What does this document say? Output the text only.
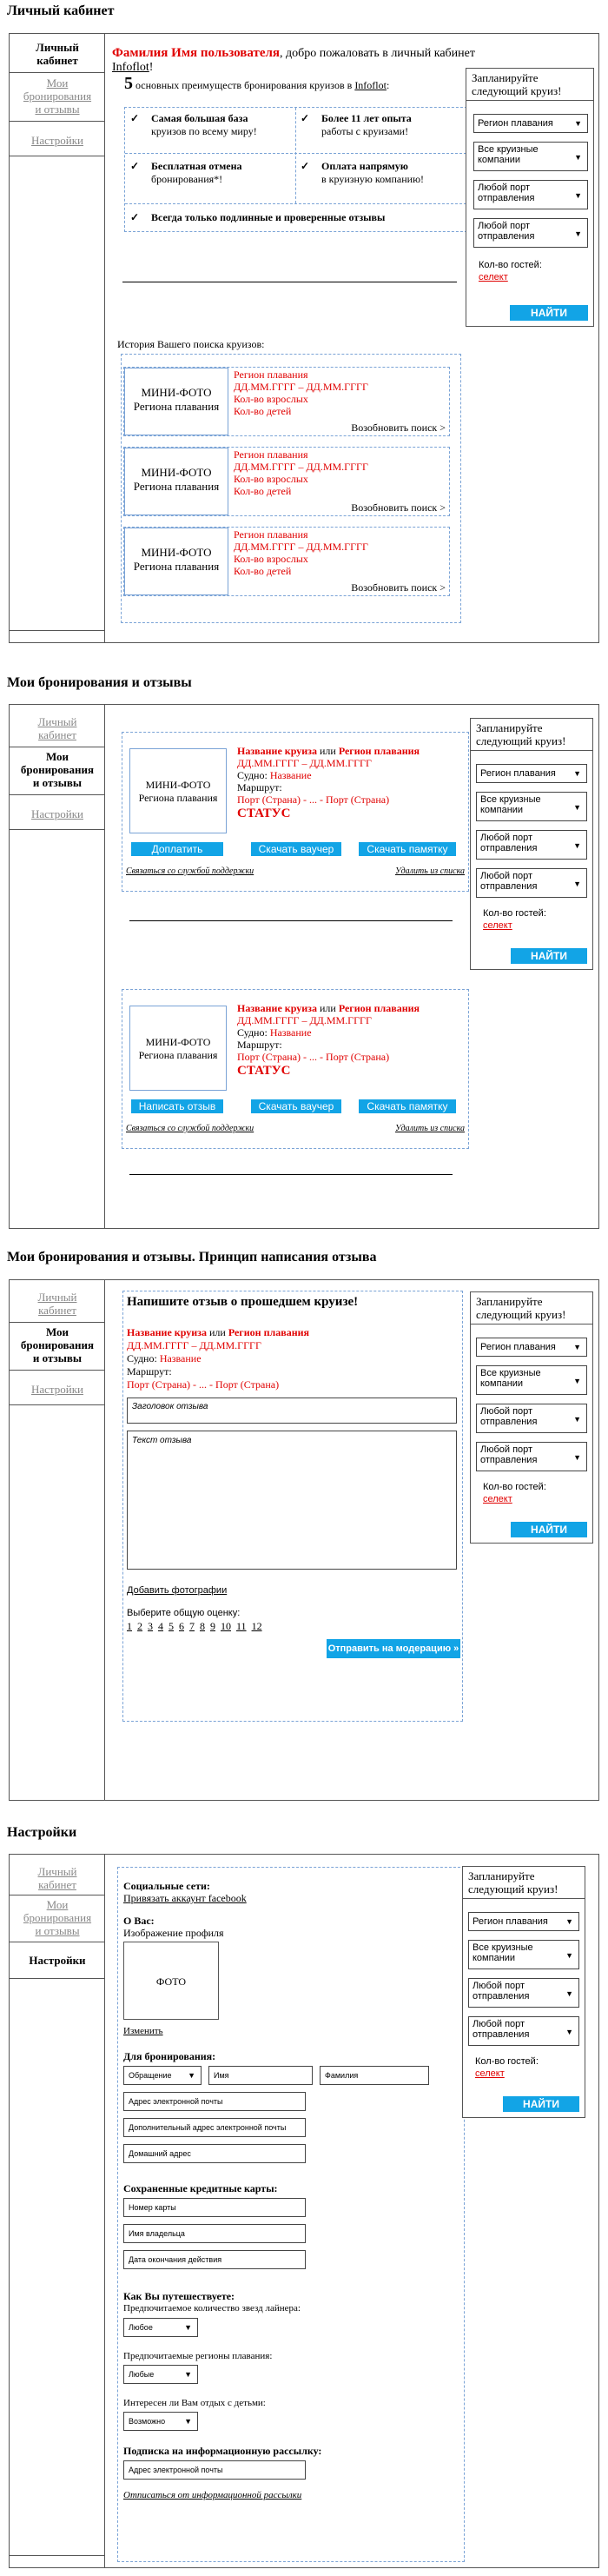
Личный кабинет
Личный
кабинет
Мои
бронирования
и отзывы
Настройки
Фамилия Имя пользователя, добро пожаловать в личный кабинет Infoflot!
5 основных преимуществ бронирования круизов в Infoflot:
✓ Самая большая база
круизов по всему миру!
✓ Более 11 лет опыта
работы с круизами!
✓ Бесплатная отмена
бронирования*!
✓ Оплата напрямую
в круизную компанию!
✓ Всегда только подлинные и проверенные отзывы
История Вашего поиска круизов:
МИНИ-ФОТО
Региона плавания
Регион плавания
ДД.ММ.ГГГГ – ДД.ММ.ГГГГ
Кол-во взрослых
Кол-во детей
Возобновить поиск >
МИНИ-ФОТО
Региона плавания
Регион плавания
ДД.ММ.ГГГГ – ДД.ММ.ГГГГ
Кол-во взрослых
Кол-во детей
Возобновить поиск >
МИНИ-ФОТО
Региона плавания
Регион плавания
ДД.ММ.ГГГГ – ДД.ММ.ГГГГ
Кол-во взрослых
Кол-во детей
Возобновить поиск >
Запланируйте
следующий круиз!
Регион плавания	▼
Все круизные
компании	▼
Любой порт
отправления	▼
Любой порт
отправления	▼
Кол-во гостей:
селект
НАЙТИ
Мои бронирования и отзывы
Личный
кабинет
Мои
бронирования
и отзывы
Настройки
МИНИ-ФОТО
Региона плавания
Название круиза или Регион плавания
ДД.ММ.ГГГГ – ДД.ММ.ГГГГ
Судно: Название
Маршрут:
Порт (Страна) - ... - Порт (Страна)
СТАТУС
Доплатить	Скачать ваучер	Скачать памятку
Связаться со службой поддержки	Удалить из списка
МИНИ-ФОТО
Региона плавания
Название круиза или Регион плавания
ДД.ММ.ГГГГ – ДД.ММ.ГГГГ
Судно: Название
Маршрут:
Порт (Страна) - ... - Порт (Страна)
СТАТУС
Написать отзыв	Скачать ваучер	Скачать памятку
Связаться со службой поддержки	Удалить из списка
Запланируйте
следующий круиз!
Регион плавания ▼
Все круизные
компании	▼
Любой порт
отправления	▼
Любой порт
отправления	▼
Кол-во гостей:
селект
НАЙТИ
Мои бронирования и отзывы. Принцип написания отзыва
Личный
кабинет
Мои
бронирования
и отзывы
Настройки
Напишите отзыв о прошедшем круизе!
Название круиза или Регион плавания
ДД.ММ.ГГГГ – ДД.ММ.ГГГГ
Судно: Название
Маршрут:
Порт (Страна) - ... - Порт (Страна)
Заголовок отзыва
Текст отзыва
Добавить фотографии
Выберите общую оценку:
1 2 3 4 5 6 7 8 9 10 11 12
Отправить на модерацию »
Запланируйте
следующий круиз!
Регион плавания ▼
Все круизные
компании	▼
Любой порт
отправления	▼
Любой порт
отправления	▼
Кол-во гостей:
селект
НАЙТИ
Настройки
Личный
кабинет
Мои
бронирования
и отзывы
Настройки
Социальные сети:
Привязать аккаунт facebook
О Вас:
Изображение профиля
ФОТО
Изменить
Для бронирования:
Обращение ▼	Имя	Фамилия
Адрес электронной почты
Дополнительный адрес электронной почты
Домашний адрес
Сохраненные кредитные карты:
Номер карты
Имя владельца
Дата окончания действия
Как Вы путешествуете:
Предпочитаемое количество звезд лайнера:
Любое	▼
Предпочитаемые регионы плавания:
Любые	▼
Интересен ли Вам отдых с детьми:
Возможно ▼
Подписка на информационную рассылку:
Адрес электронной почты
Отписаться от информационной рассылки
Запланируйте
следующий круиз!
Регион плавания ▼
Все круизные
компании	▼
Любой порт
отправления	▼
Любой порт
отправления	▼
Кол-во гостей:
селект
НАЙТИ
